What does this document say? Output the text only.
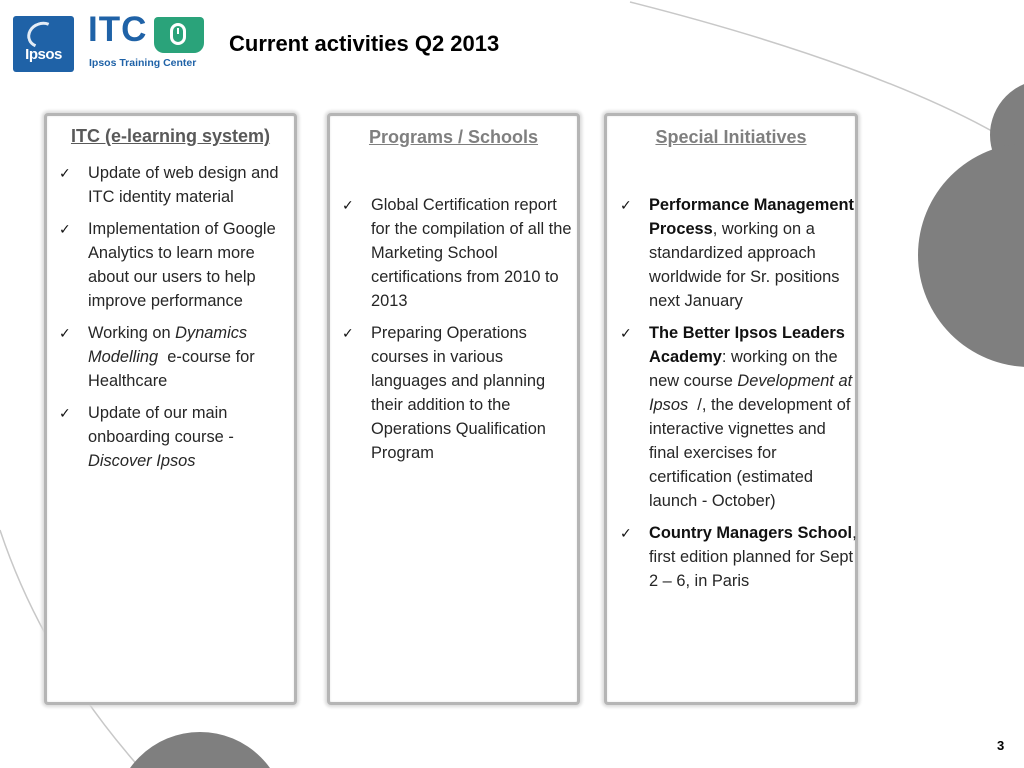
Ipsos
ITC
Ipsos Training Center
Current activities Q2 2013
ITC (e-learning system)
✓ Update of web design and ITC identity material
✓ Implementation of Google Analytics to learn more about our users to help improve performance
✓ Working on Dynamics Modelling  e-course for Healthcare
✓ Update of our main onboarding course - Discover Ipsos
Programs / Schools
✓ Global Certification report for the compilation of all the Marketing School certifications from 2010 to 2013
✓ Preparing Operations courses in various languages and planning their addition to the Operations Qualification Program
Special Initiatives
✓ Performance Management Process, working on a standardized approach worldwide for Sr. positions next January
✓ The Better Ipsos Leaders Academy: working on the new course Development at Ipsos  /, the development of interactive vignettes and final exercises for certification (estimated launch - October)
✓ Country Managers School, first edition planned for Sept 2 – 6, in Paris
3
